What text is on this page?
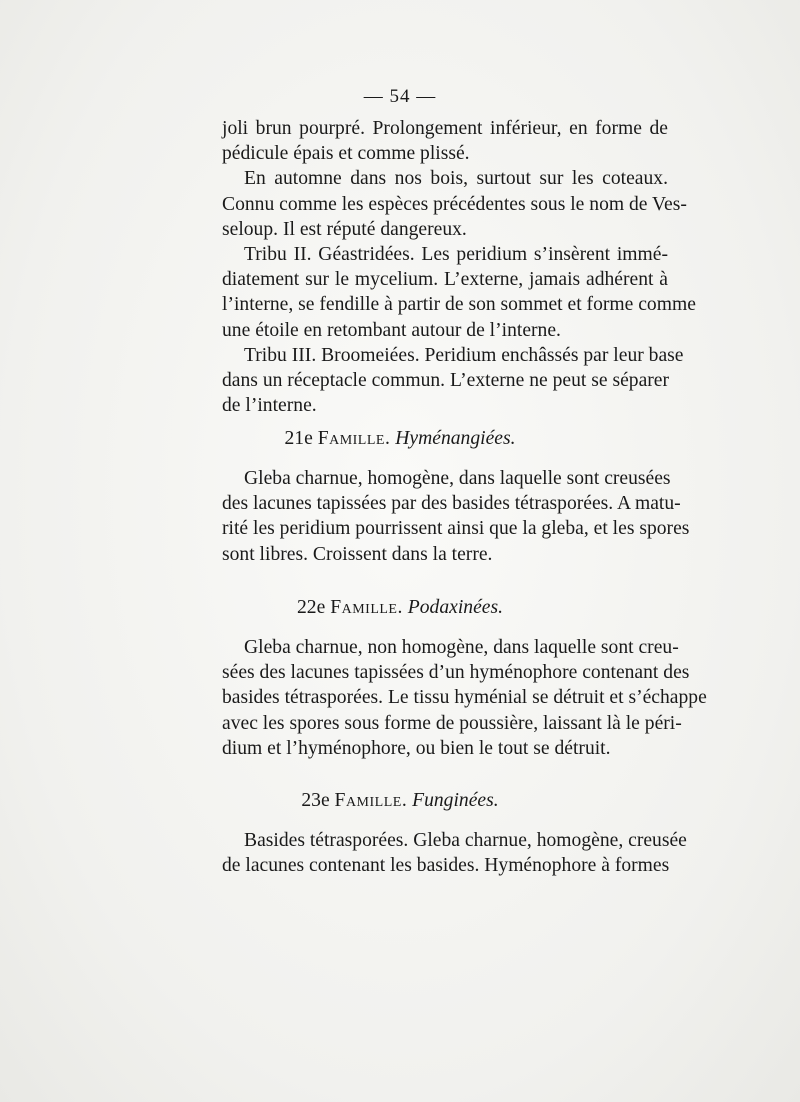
— 54 —
joli brun pourpré. Prolongement inférieur, en forme de
pédicule épais et comme plissé.
En automne dans nos bois, surtout sur les coteaux.
Connu comme les espèces précédentes sous le nom de Ves-
seloup. Il est réputé dangereux.
Tribu II. Géastridées. Les peridium s’insèrent immé-
diatement sur le mycelium. L’externe, jamais adhérent à
l’interne, se fendille à partir de son sommet et forme comme
une étoile en retombant autour de l’interne.
Tribu III. Broomeiées. Peridium enchâssés par leur base
dans un réceptacle commun. L’externe ne peut se séparer
de l’interne.
21e Famille. Hyménangiées.
Gleba charnue, homogène, dans laquelle sont creusées
des lacunes tapissées par des basides tétrasporées. A matu-
rité les peridium pourrissent ainsi que la gleba, et les spores
sont libres. Croissent dans la terre.
22e Famille. Podaxinées.
Gleba charnue, non homogène, dans laquelle sont creu-
sées des lacunes tapissées d’un hyménophore contenant des
basides tétrasporées. Le tissu hyménial se détruit et s’échappe
avec les spores sous forme de poussière, laissant là le péri-
dium et l’hyménophore, ou bien le tout se détruit.
23e Famille. Funginées.
Basides tétrasporées. Gleba charnue, homogène, creusée
de lacunes contenant les basides. Hyménophore à formes
